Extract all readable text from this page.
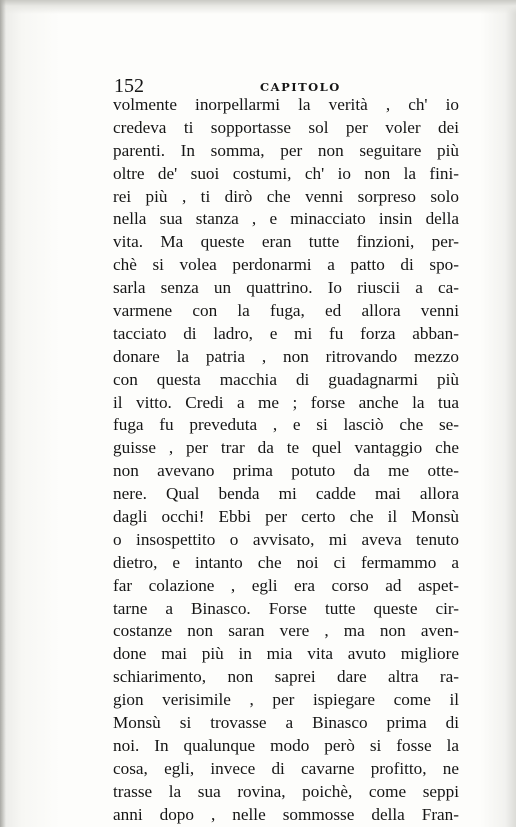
152	CAPITOLO
volmente inorpellarmi la verità , ch' io
credeva ti sopportasse sol per voler dei
parenti. In somma, per non seguitare più
oltre de' suoi costumi, ch' io non la fini-
rei più , ti dirò che venni sorpreso solo
nella sua stanza , e minacciato insin della
vita. Ma queste eran tutte finzioni, per-
chè si volea perdonarmi a patto di spo-
sarla senza un quattrino. Io riuscii a ca-
varmene con la fuga, ed allora venni
tacciato di ladro, e mi fu forza abban-
donare la patria , non ritrovando mezzo
con questa macchia di guadagnarmi più
il vitto. Credi a me ; forse anche la tua
fuga fu preveduta , e si lasciò che se-
guisse , per trar da te quel vantaggio che
non avevano prima potuto da me otte-
nere. Qual benda mi cadde mai allora
dagli occhi! Ebbi per certo che il Monsù
o insospettito o avvisato, mi aveva tenuto
dietro, e intanto che noi ci fermammo a
far colazione , egli era corso ad aspet-
tarne a Binasco. Forse tutte queste cir-
costanze non saran vere , ma non aven-
done mai più in mia vita avuto migliore
schiarimento, non saprei dare altra ra-
gion verisimile , per ispiegare come il
Monsù si trovasse a Binasco prima di
noi. In qualunque modo però si fosse la
cosa, egli, invece di cavarne profitto, ne
trasse la sua rovina, poichè, come seppi
anni dopo , nelle sommosse della Fran-
